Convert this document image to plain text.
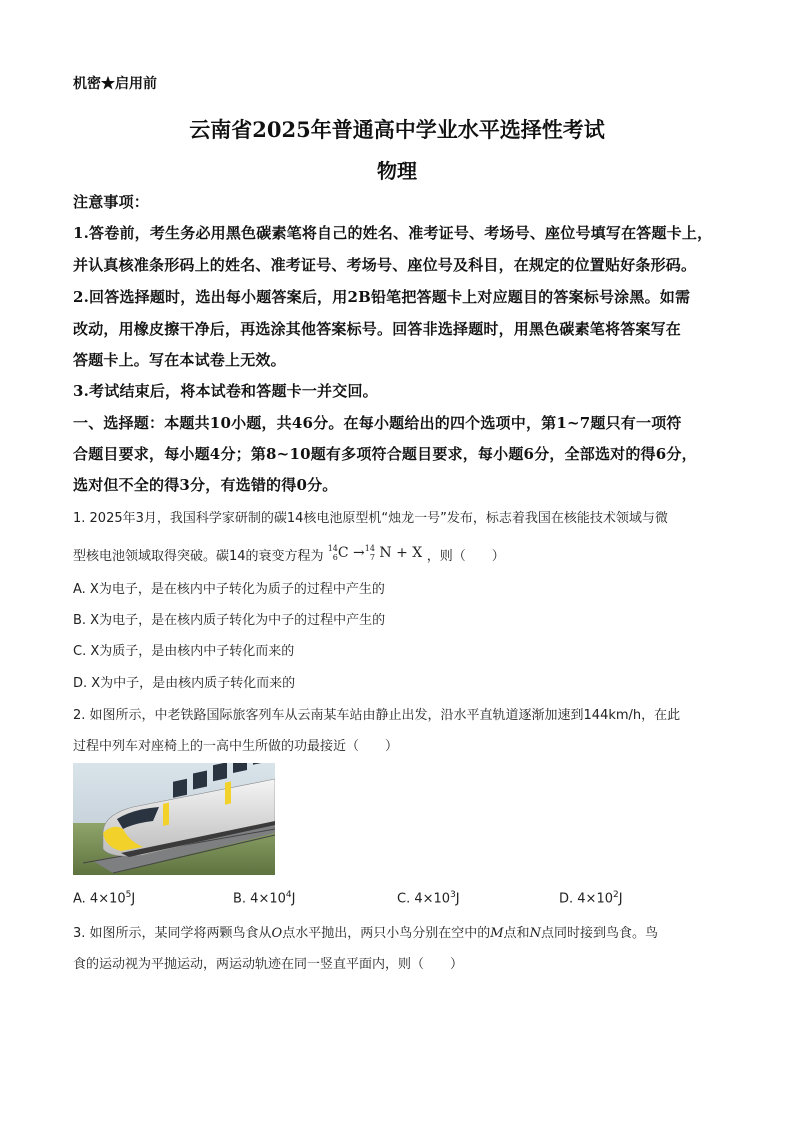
机密★启用前
云南省2025年普通高中学业水平选择性考试
物理
注意事项：
1.答卷前，考生务必用黑色碳素笔将自己的姓名、准考证号、考场号、座位号填写在答题卡上，
并认真核准条形码上的姓名、准考证号、考场号、座位号及科目，在规定的位置贴好条形码。
2.回答选择题时，选出每小题答案后，用2B铅笔把答题卡上对应题目的答案标号涂黑。如需
改动，用橡皮擦干净后，再选涂其他答案标号。回答非选择题时，用黑色碳素笔将答案写在
答题卡上。写在本试卷上无效。
3.考试结束后，将本试卷和答题卡一并交回。
一、选择题：本题共10小题，共46分。在每小题给出的四个选项中，第1~7题只有一项符
合题目要求，每小题4分；第8~10题有多项符合题目要求，每小题6分，全部选对的得6分，
选对但不全的得3分，有选错的得0分。
1. 2025年3月，我国科学家研制的碳14核电池原型机“烛龙一号”发布，标志着我国在核能技术领域与微
型核电池领域取得突破。碳14的衰变方程为 14
6C →14
7 N + X ，则（　　）
A. X为电子，是在核内中子转化为质子的过程中产生的
B. X为电子，是在核内质子转化为中子的过程中产生的
C. X为质子，是由核内中子转化而来的
D. X为中子，是由核内质子转化而来的
2. 如图所示，中老铁路国际旅客列车从云南某车站由静止出发，沿水平直轨道逐渐加速到144km/h，在此
过程中列车对座椅上的一高中生所做的功最接近（　　）
A. $4\times 10^5J$	B. $4\times 10^4J$	C. $4\times 10^3J$	D. $4\times 10^2J$
3. 如图所示，某同学将两颗鸟食从O点水平抛出，两只小鸟分别在空中的M点和N点同时接到鸟食。鸟
食的运动视为平抛运动，两运动轨迹在同一竖直平面内，则（　　）
